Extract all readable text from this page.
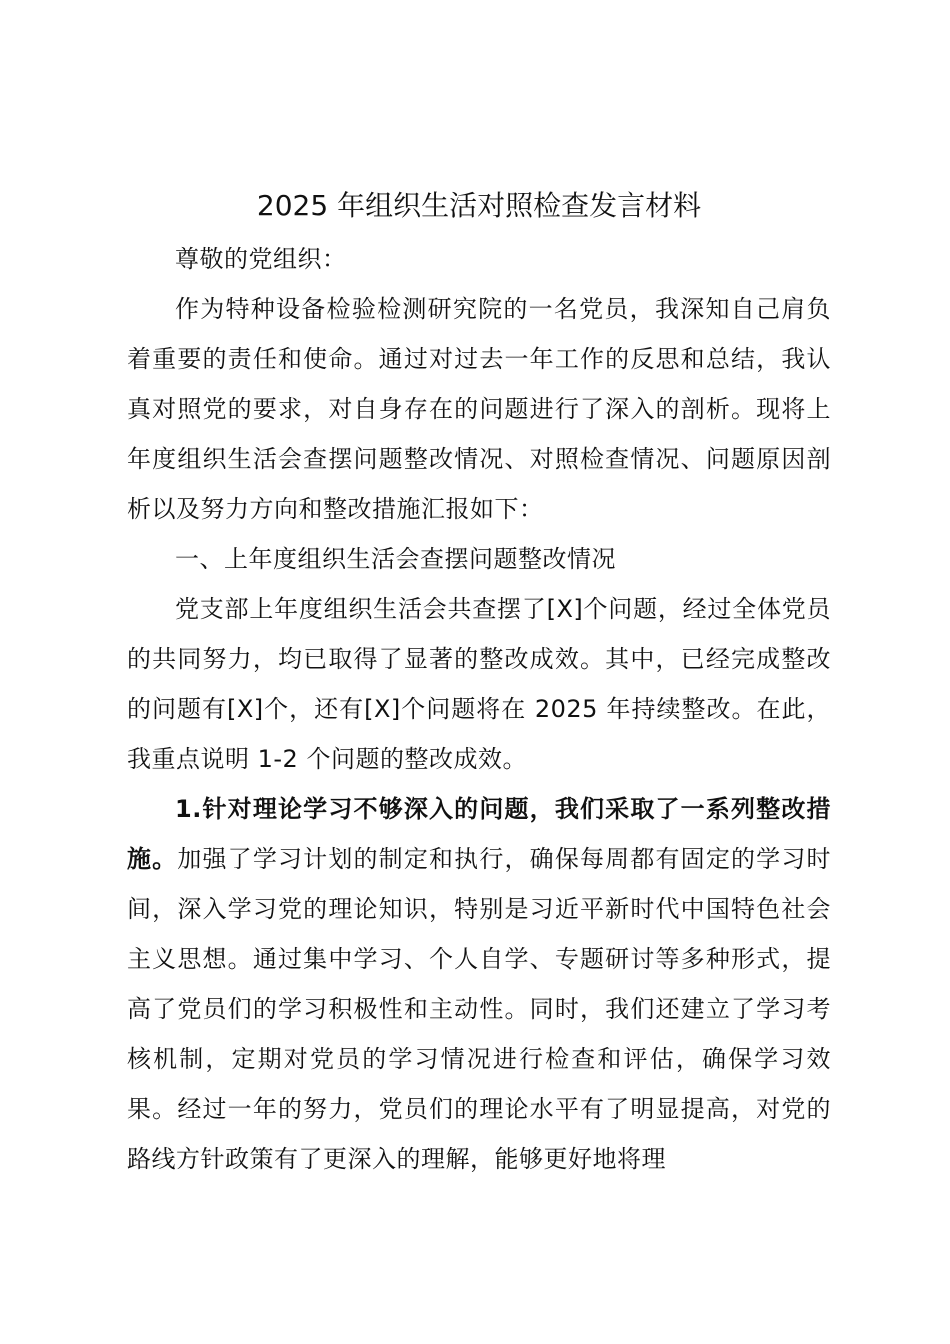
2025 年组织生活对照检查发言材料

尊敬的党组织：

作为特种设备检验检测研究院的一名党员，我深知自己肩负着重要的责任和使命。通过对过去一年工作的反思和总结，我认真对照党的要求，对自身存在的问题进行了深入的剖析。现将上年度组织生活会查摆问题整改情况、对照检查情况、问题原因剖析以及努力方向和整改措施汇报如下：

一、上年度组织生活会查摆问题整改情况

党支部上年度组织生活会共查摆了[X]个问题，经过全体党员的共同努力，均已取得了显著的整改成效。其中，已经完成整改的问题有[X]个，还有[X]个问题将在 2025 年持续整改。在此，我重点说明 1-2 个问题的整改成效。

1.针对理论学习不够深入的问题，我们采取了一系列整改措施。加强了学习计划的制定和执行，确保每周都有固定的学习时间，深入学习党的理论知识，特别是习近平新时代中国特色社会主义思想。通过集中学习、个人自学、专题研讨等多种形式，提高了党员们的学习积极性和主动性。同时，我们还建立了学习考核机制，定期对党员的学习情况进行检查和评估，确保学习效果。经过一年的努力，党员们的理论水平有了明显提高，对党的路线方针政策有了更深入的理解，能够更好地将理
